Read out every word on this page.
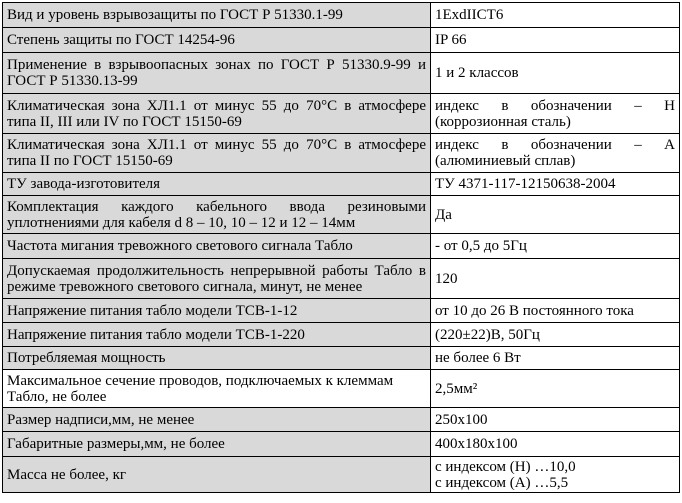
Вид и уровень взрывозащиты по ГОСТ Р 51330.1-99	1ExdIICT6
Степень защиты по ГОСТ 14254-96	IP 66
Применение в взрывоопасных зонах по ГОСТ Р 51330.9-99 и ГОСТ Р 51330.13-99	1 и 2 классов
Климатическая зона ХЛ1.1 от минус 55 до 70°С в атмосфере типа II, III или IV по ГОСТ 15150-69	индекс в обозначении – Н (коррозионная сталь)
Климатическая зона ХЛ1.1 от минус 55 до 70°С в атмосфере типа II по ГОСТ 15150-69	индекс в обозначении – А (алюминиевый сплав)
ТУ завода-изготовителя	ТУ 4371-117-12150638-2004
Комплектация каждого кабельного ввода резиновыми уплотнениями для кабеля d 8 – 10, 10 – 12 и 12 – 14мм	Да
Частота мигания тревожного светового сигнала Табло	- от 0,5 до 5Гц
Допускаемая продолжительность непрерывной работы Табло в режиме тревожного светового сигнала, минут, не менее	120
Напряжение питания табло модели ТСВ-1-12	от 10 до 26 В постоянного тока
Напряжение питания табло модели ТСВ-1-220	(220±22)В, 50Гц
Потребляемая мощность	не более 6 Вт
Максимальное сечение проводов, подключаемых к клеммам Табло, не более	2,5мм²
Размер надписи,мм, не менее	250x100
Габаритные размеры,мм, не более	400x180x100
Масса не более, кг	с индексом (Н) …10,0
с индексом (А) …5,5
